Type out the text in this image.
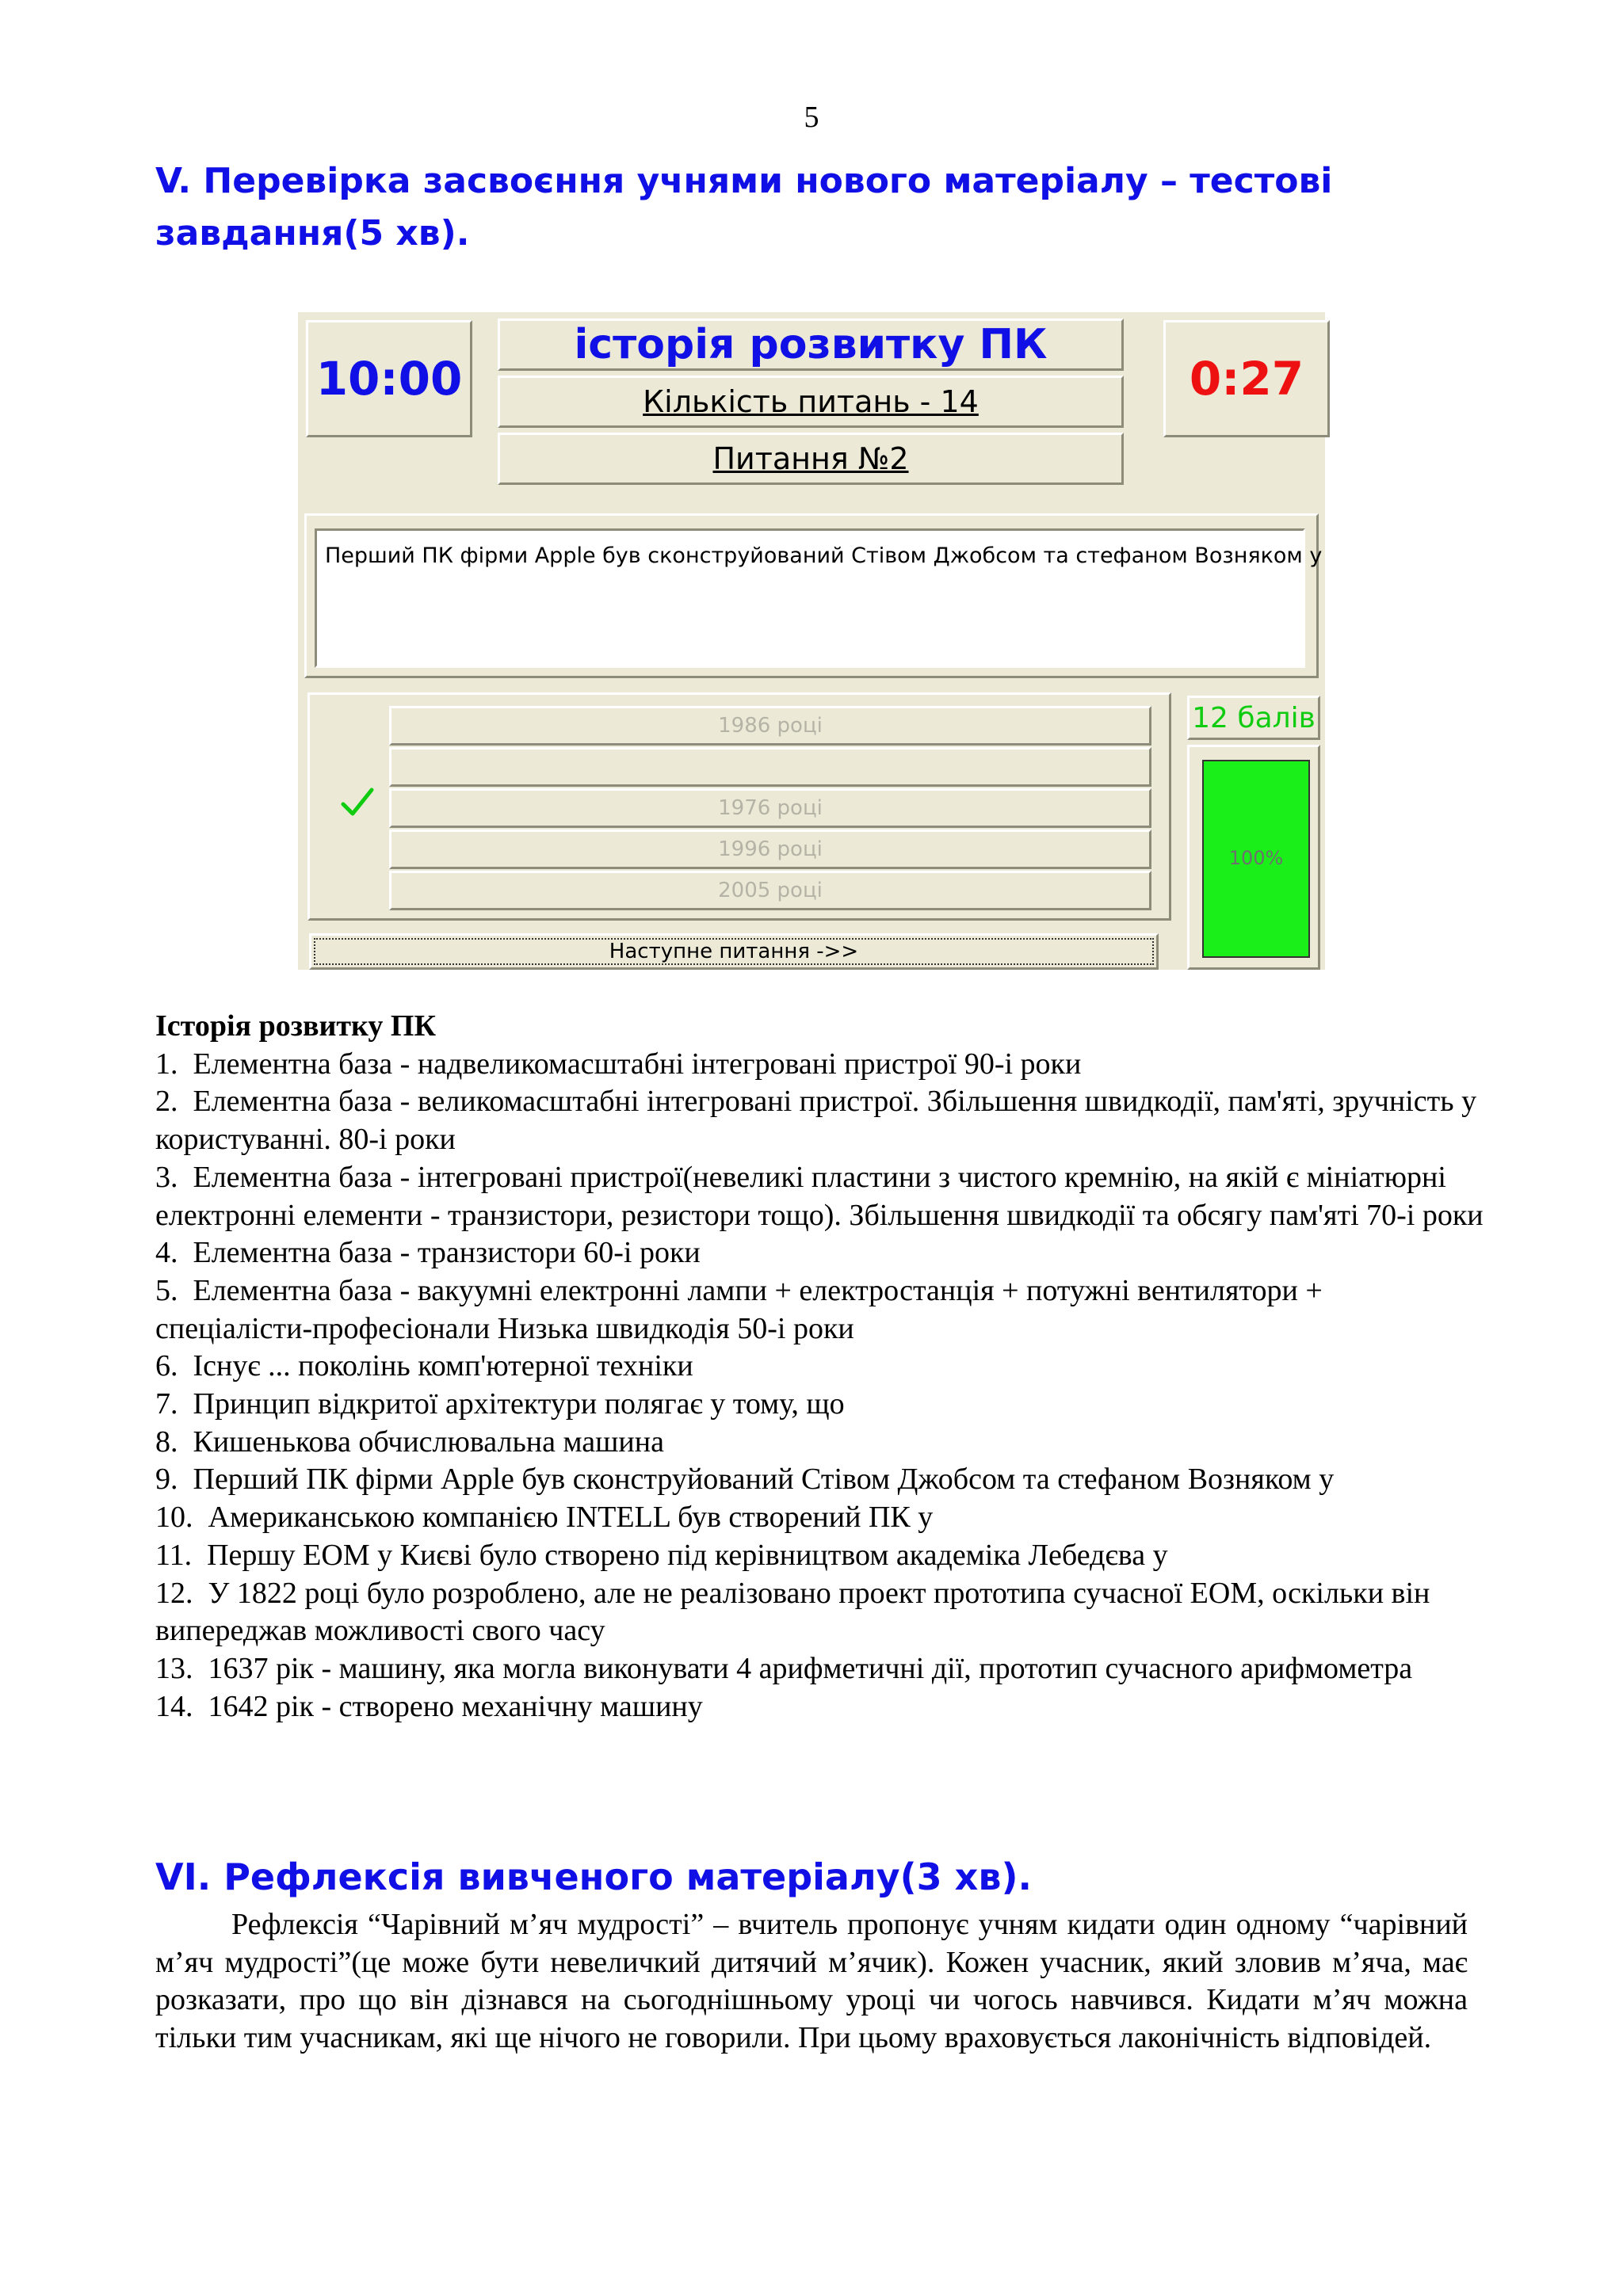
5
V. Перевірка засвоєння учнями нового матеріалу – тестові завдання(5 хв).
10:00
історія розвитку ПК
Кількість питань - 14
Питання №2
0:27
Перший ПК фірми Apple був сконструйований Стівом Джобсом та стефаном Возняком у
1986 році
1976 році
1996 році
2005 році
12 балів
100%
Наступне питання ->>
Історія розвитку ПК
1.  Елементна база - надвеликомасштабні інтегровані пристрої 90-і роки
2.  Елементна база - великомасштабні інтегровані пристрої. Збільшення швидкодії, пам'яті, зручність у користуванні. 80-і роки
3.  Елементна база - інтегровані пристрої(невеликі пластини з чистого кремнію, на якій є мініатюрні електронні елементи - транзистори, резистори тощо). Збільшення швидкодії та обсягу пам'яті 70-і роки
4.  Елементна база - транзистори 60-і роки
5.  Елементна база - вакуумні електронні лампи + електростанція + потужні вентилятори + спеціалісти-професіонали Низька швидкодія 50-і роки
6.  Існує ... поколінь комп'ютерної техніки
7.  Принцип відкритої архітектури полягає у тому, що
8.  Кишенькова обчислювальна машина
9.  Перший ПК фірми Apple був сконструйований Стівом Джобсом та стефаном Возняком у
10.  Американською компанією INTELL був створений ПК у
11.  Першу ЕОМ у Києві було створено під керівництвом академіка Лебедєва у
12.  У 1822 році було розроблено, але не реалізовано проект прототипа сучасної ЕОМ, оскільки він випереджав можливості свого часу
13.  1637 рік - машину, яка могла виконувати 4 арифметичні дії, прототип сучасного арифмометра
14.  1642 рік - створено механічну машину
VI. Рефлексія вивченого матеріалу(3 хв).
Рефлексія “Чарівний м’яч мудрості” – вчитель пропонує учням кидати один одному “чарівний м’яч мудрості”(це може бути невеличкий дитячий м’ячик). Кожен учасник, який зловив м’яча, має розказати, про що він дізнався на сьогоднішньому уроці чи чогось навчився. Кидати м’яч можна тільки тим учасникам, які ще нічого не говорили. При цьому враховується лаконічність відповідей.
